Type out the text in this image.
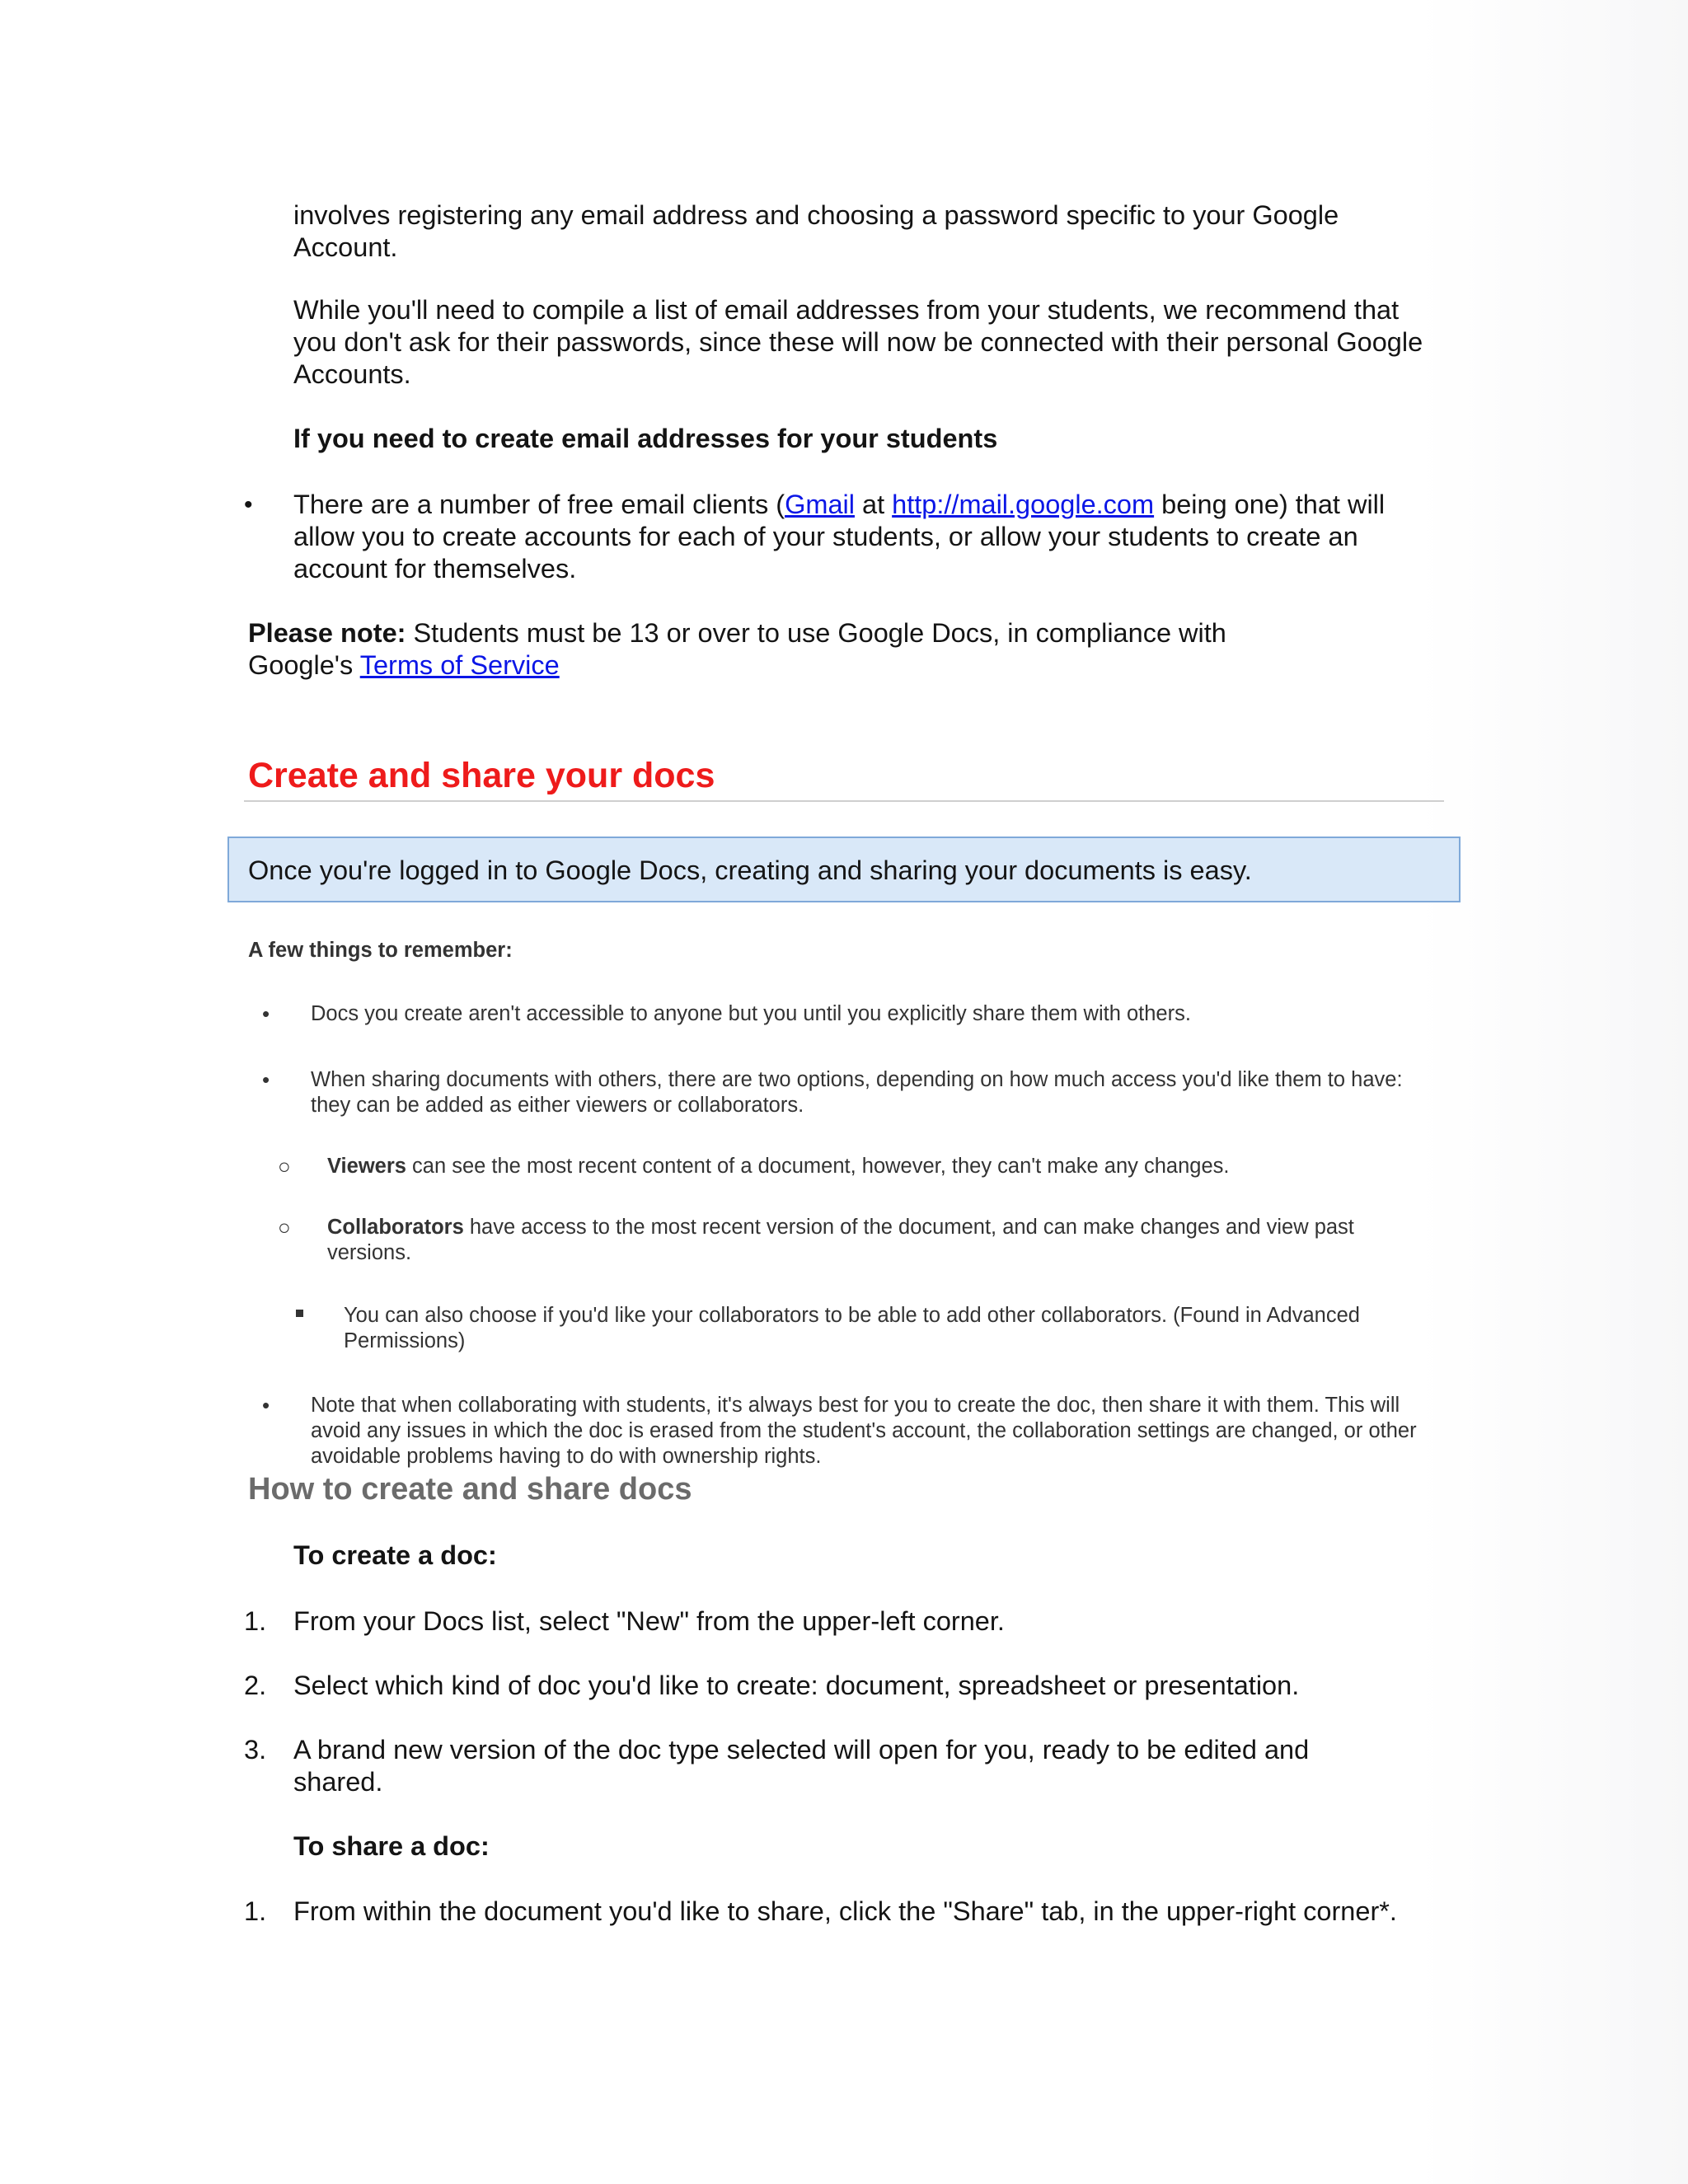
involves registering any email address and choosing a password specific to your Google Account.

While you'll need to compile a list of email addresses from your students, we recommend that you don't ask for their passwords, since these will now be connected with their personal Google Accounts.

If you need to create email addresses for your students

• There are a number of free email clients (Gmail at http://mail.google.com being one) that will allow you to create accounts for each of your students, or allow your students to create an account for themselves.

Please note: Students must be 13 or over to use Google Docs, in compliance with
Google's Terms of Service

Create and share your docs

Once you're logged in to Google Docs, creating and sharing your documents is easy.

A few things to remember:

• Docs you create aren't accessible to anyone but you until you explicitly share them with others.

• When sharing documents with others, there are two options, depending on how much access you'd like them to have: they can be added as either viewers or collaborators.

○ Viewers can see the most recent content of a document, however, they can't make any changes.

○ Collaborators have access to the most recent version of the document, and can make changes and view past versions.

You can also choose if you'd like your collaborators to be able to add other collaborators. (Found in Advanced Permissions)

• Note that when collaborating with students, it's always best for you to create the doc, then share it with them. This will avoid any issues in which the doc is erased from the student's account, the collaboration settings are changed, or other avoidable problems having to do with ownership rights.

How to create and share docs

To create a doc:

1. From your Docs list, select "New" from the upper-left corner.

2. Select which kind of doc you'd like to create: document, spreadsheet or presentation.

3. A brand new version of the doc type selected will open for you, ready to be edited and shared.

To share a doc:

1. From within the document you'd like to share, click the "Share" tab, in the upper-right corner*.
